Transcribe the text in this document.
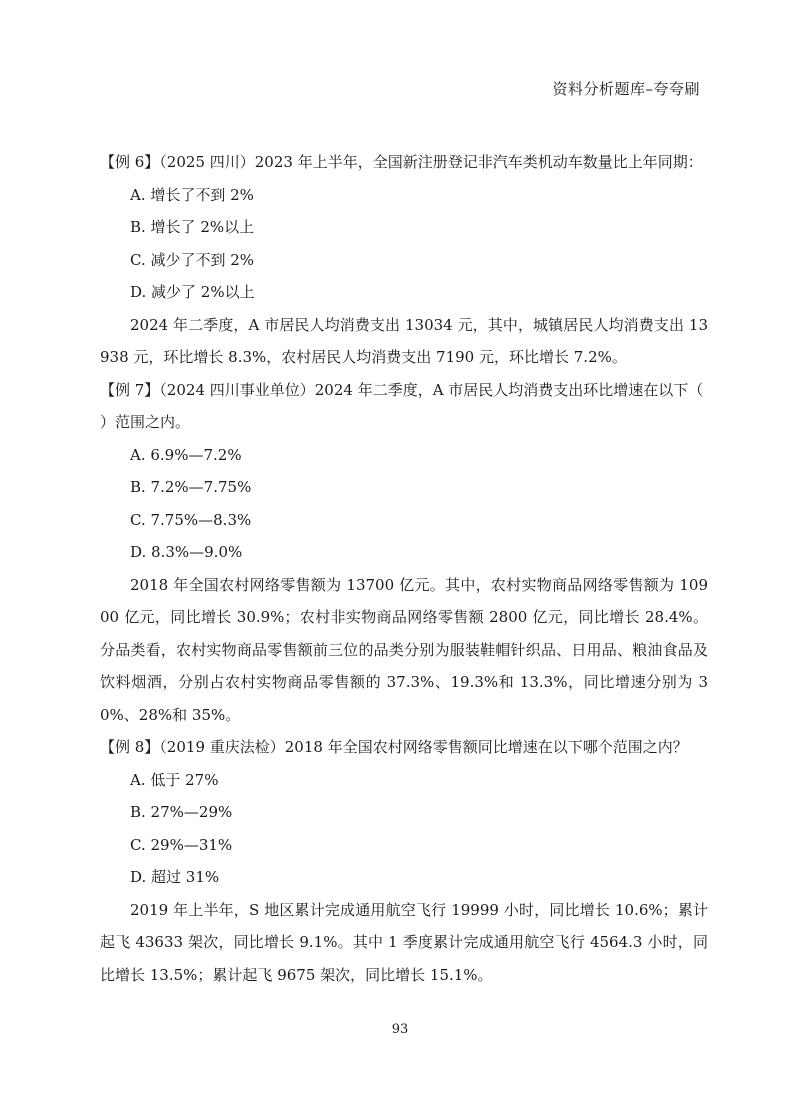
资料分析题库–夸夸刷

【例 6】（2025 四川）2023 年上半年，全国新注册登记非汽车类机动车数量比上年同期：

A. 增长了不到 2%

B. 增长了 2%以上

C. 减少了不到 2%

D. 减少了 2%以上

2024 年二季度，A 市居民人均消费支出 13034 元，其中，城镇居民人均消费支出 13938 元，环比增长 8.3%，农村居民人均消费支出 7190 元，环比增长 7.2%。

【例 7】（2024 四川事业单位）2024 年二季度，A 市居民人均消费支出环比增速在以下（　　）范围之内。

A. 6.9%—7.2%

B. 7.2%—7.75%

C. 7.75%—8.3%

D. 8.3%—9.0%

2018 年全国农村网络零售额为 13700 亿元。其中，农村实物商品网络零售额为 10900 亿元，同比增长 30.9%；农村非实物商品网络零售额 2800 亿元，同比增长 28.4%。分品类看，农村实物商品零售额前三位的品类分别为服装鞋帽针织品、日用品、粮油食品及饮料烟酒，分别占农村实物商品零售额的 37.3%、19.3%和 13.3%，同比增速分别为 30%、28%和 35%。

【例 8】（2019 重庆法检）2018 年全国农村网络零售额同比增速在以下哪个范围之内？

A. 低于 27%

B. 27%—29%

C. 29%—31%

D. 超过 31%

2019 年上半年，S 地区累计完成通用航空飞行 19999 小时，同比增长 10.6%；累计起飞 43633 架次，同比增长 9.1%。其中 1 季度累计完成通用航空飞行 4564.3 小时，同比增长 13.5%；累计起飞 9675 架次，同比增长 15.1%。

93
